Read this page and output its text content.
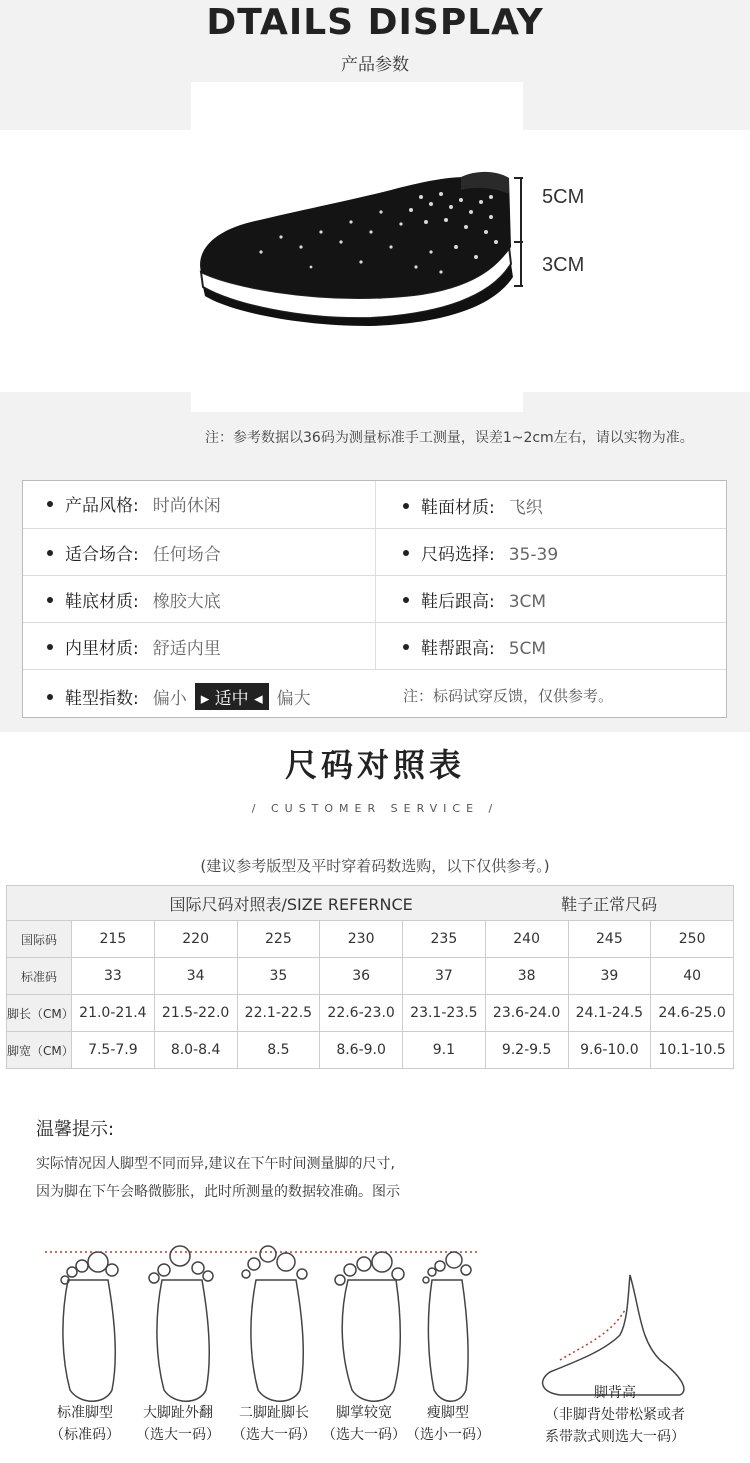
DTAILS DISPLAY
产品参数
5CM
3CM
注：参考数据以36码为测量标准手工测量，误差1~2cm左右，请以实物为准。
产品风格: 时尚休闲	鞋面材质: 飞织
适合场合: 任何场合	尺码选择: 35-39
鞋底材质: 橡胶大底	鞋后跟高: 3CM
内里材质: 舒适内里	鞋帮跟高: 5CM
鞋型指数: 偏小 ▸ 适中 ◂ 偏大	注：标码试穿反馈，仅供参考。
尺码对照表
/ CUSTOMER SERVICE /
(建议参考版型及平时穿着码数选购，以下仅供参考。)
国际尺码对照表/SIZE REFERNCE						鞋子正常尺码		
国际码	215	220	225	230	235	240	245	250
标准码	33	34	35	36	37	38	39	40
脚长（CM）	21.0-21.4	21.5-22.0	22.1-22.5	22.6-23.0	23.1-23.5	23.6-24.0	24.1-24.5	24.6-25.0
脚宽（CM）	7.5-7.9	8.0-8.4	8.5	8.6-9.0	9.1	9.2-9.5	9.6-10.0	10.1-10.5
温馨提示:
实际情况因人脚型不同而异,建议在下午时间测量脚的尺寸,
因为脚在下午会略微膨胀，此时所测量的数据较准确。图示
标准脚型
（标准码）
大脚趾外翻
（选大一码）
二脚趾脚长
（选大一码）
脚掌较宽
（选大一码）
瘦脚型
（选小一码）
脚背高
（非脚背处带松紧或者
系带款式则选大一码）
